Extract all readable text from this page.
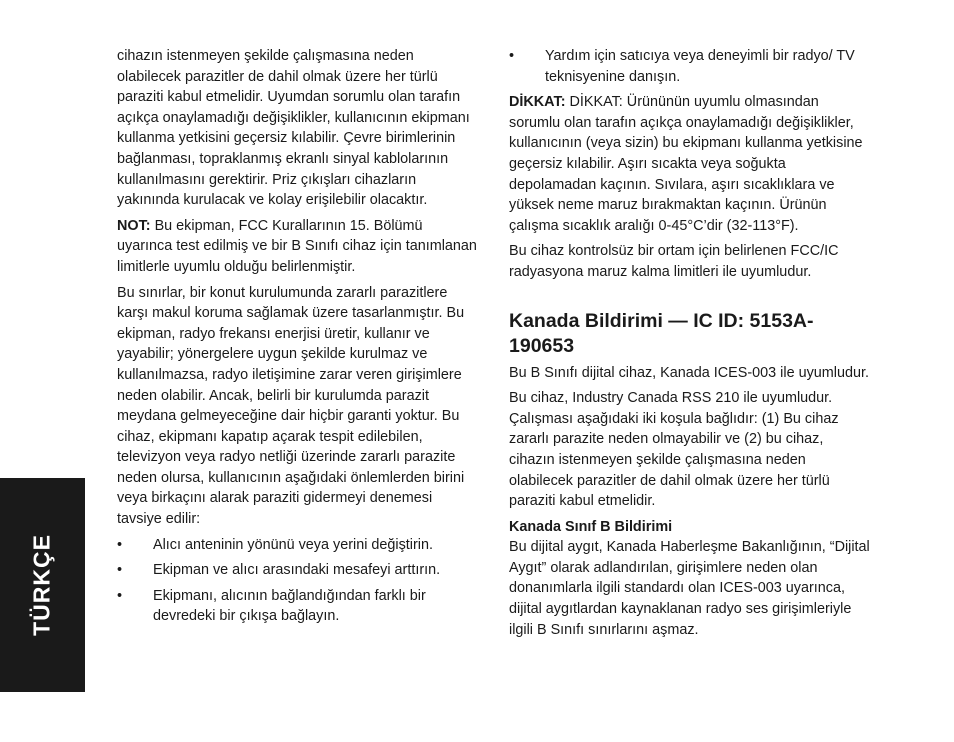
TÜRKÇE

cihazın istenmeyen şekilde çalışmasına neden olabilecek parazitler de dahil olmak üzere her türlü paraziti kabul etmelidir. Uyumdan sorumlu olan tarafın açıkça onaylamadığı değişiklikler, kullanıcının ekipmanı kullanma yetkisini geçersiz kılabilir. Çevre birimlerinin bağlanması, topraklanmış ekranlı sinyal kablolarının kullanılmasını gerektirir. Priz çıkışları cihazların yakınında kurulacak ve kolay erişilebilir olacaktır.

NOT: Bu ekipman, FCC Kurallarının 15. Bölümü uyarınca test edilmiş ve bir B Sınıfı cihaz için tanımlanan limitlerle uyumlu olduğu belirlenmiştir.

Bu sınırlar, bir konut kurulumunda zararlı parazitlere karşı makul koruma sağlamak üzere tasarlanmıştır. Bu ekipman, radyo frekansı enerjisi üretir, kullanır ve yayabilir; yönergelere uygun şekilde kurulmaz ve kullanılmazsa, radyo iletişimine zarar veren girişimlere neden olabilir. Ancak, belirli bir kurulumda parazit meydana gelmeyeceğine dair hiçbir garanti yoktur. Bu cihaz, ekipmanı kapatıp açarak tespit edilebilen, televizyon veya radyo netliği üzerinde zararlı parazite neden olursa, kullanıcının aşağıdaki önlemlerden birini veya birkaçını alarak paraziti gidermeyi denemesi tavsiye edilir:

• Alıcı anteninin yönünü veya yerini değiştirin.
• Ekipman ve alıcı arasındaki mesafeyi arttırın.
• Ekipmanı, alıcının bağlandığından farklı bir devredeki bir çıkışa bağlayın.
• Yardım için satıcıya veya deneyimli bir radyo/ TV teknisyenine danışın.

DİKKAT: DİKKAT: Ürününün uyumlu olmasından sorumlu olan tarafın açıkça onaylamadığı değişiklikler, kullanıcının (veya sizin) bu ekipmanı kullanma yetkisine geçersiz kılabilir. Aşırı sıcakta veya soğukta depolamadan kaçının. Sıvılara, aşırı sıcaklıklara ve yüksek neme maruz bırakmaktan kaçının. Ürünün çalışma sıcaklık aralığı 0-45°C’dir (32-113°F).

Bu cihaz kontrolsüz bir ortam için belirlenen FCC/IC radyasyona maruz kalma limitleri ile uyumludur.

Kanada Bildirimi — IC ID: 5153A-190653

Bu B Sınıfı dijital cihaz, Kanada ICES-003 ile uyumludur.

Bu cihaz, Industry Canada RSS 210 ile uyumludur. Çalışması aşağıdaki iki koşula bağlıdır: (1) Bu cihaz zararlı parazite neden olmayabilir ve (2) bu cihaz, cihazın istenmeyen şekilde çalışmasına neden olabilecek parazitler de dahil olmak üzere her türlü paraziti kabul etmelidir.

Kanada Sınıf B Bildirimi

Bu dijital aygıt, Kanada Haberleşme Bakanlığının, “Dijital Aygıt” olarak adlandırılan, girişimlere neden olan donanımlarla ilgili standardı olan ICES-003 uyarınca, dijital aygıtlardan kaynaklanan radyo ses girişimleriyle ilgili B Sınıfı sınırlarını aşmaz.
